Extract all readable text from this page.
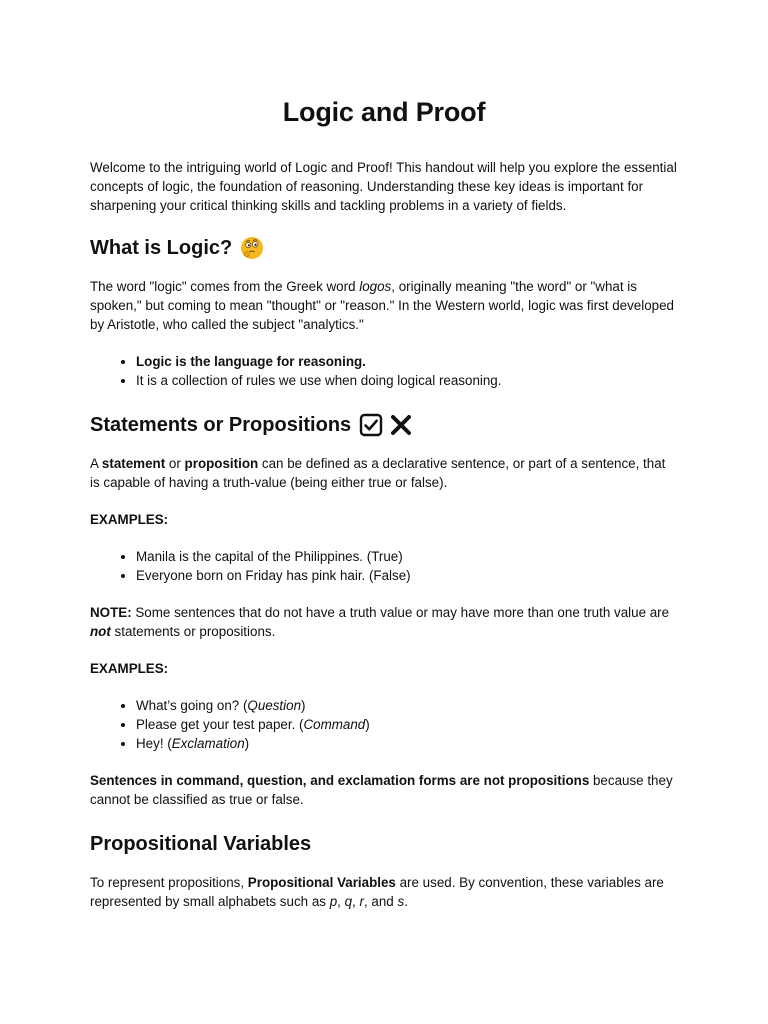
Logic and Proof

Welcome to the intriguing world of Logic and Proof! This handout will help you explore the essential concepts of logic, the foundation of reasoning. Understanding these key ideas is important for sharpening your critical thinking skills and tackling problems in a variety of fields.

What is Logic?

The word "logic" comes from the Greek word logos, originally meaning "the word" or "what is spoken," but coming to mean "thought" or "reason." In the Western world, logic was first developed by Aristotle, who called the subject "analytics."

• Logic is the language for reasoning.
• It is a collection of rules we use when doing logical reasoning.
Statements or Propositions

A statement or proposition can be defined as a declarative sentence, or part of a sentence, that is capable of having a truth-value (being either true or false).

EXAMPLES:

• Manila is the capital of the Philippines. (True)
• Everyone born on Friday has pink hair. (False)

NOTE: Some sentences that do not have a truth value or may have more than one truth value are not statements or propositions.

EXAMPLES:

• What’s going on? (Question)
• Please get your test paper. (Command)
• Hey! (Exclamation)

Sentences in command, question, and exclamation forms are not propositions because they cannot be classified as true or false.

Propositional Variables

To represent propositions, Propositional Variables are used. By convention, these variables are represented by small alphabets such as p, q, r, and s.
